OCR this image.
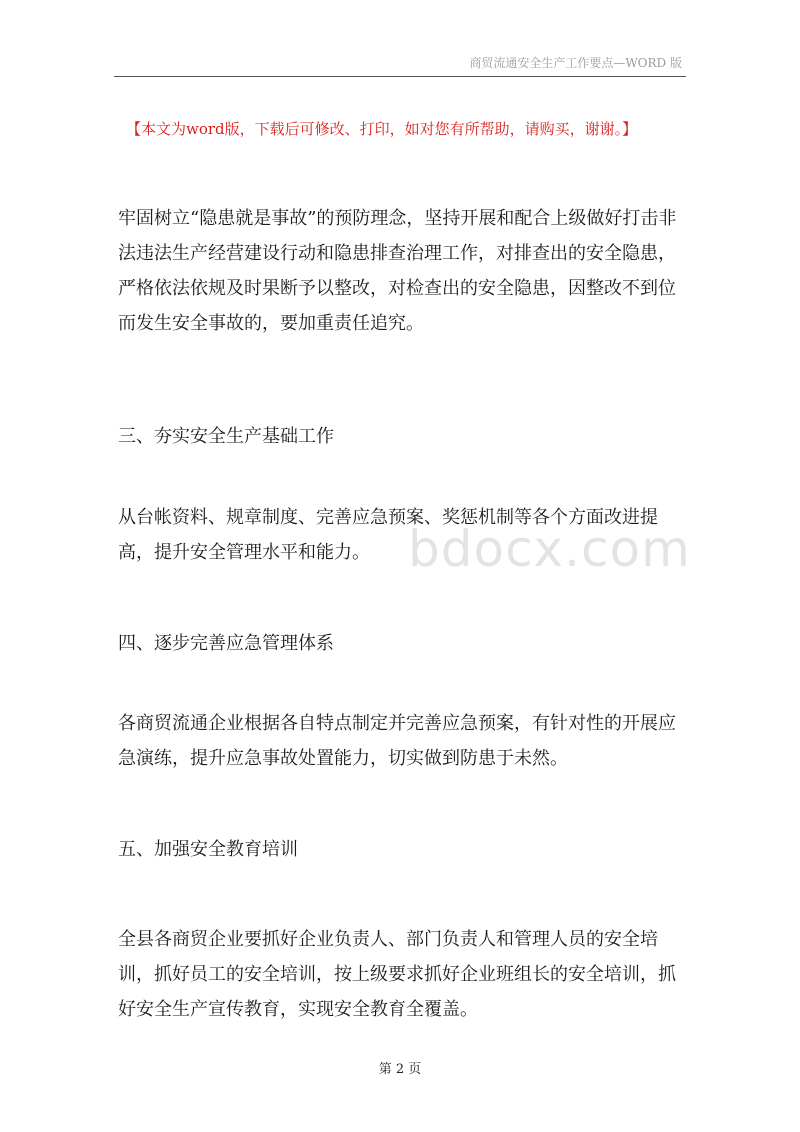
商贸流通安全生产工作要点—WORD 版
【本文为word版，下载后可修改、打印，如对您有所帮助，请购买，谢谢。】

牢固树立“隐患就是事故”的预防理念，坚持开展和配合上级做好打击非法违法生产经营建设行动和隐患排查治理工作，对排查出的安全隐患，严格依法依规及时果断予以整改，对检查出的安全隐患，因整改不到位而发生安全事故的，要加重责任追究。

三、夯实安全生产基础工作

从台帐资料、规章制度、完善应急预案、奖惩机制等各个方面改进提高，提升安全管理水平和能力。

四、逐步完善应急管理体系

各商贸流通企业根据各自特点制定并完善应急预案，有针对性的开展应急演练，提升应急事故处置能力，切实做到防患于未然。

五、加强安全教育培训

全县各商贸企业要抓好企业负责人、部门负责人和管理人员的安全培训，抓好员工的安全培训，按上级要求抓好企业班组长的安全培训，抓好安全生产宣传教育，实现安全教育全覆盖。

bdocx.com
第 2 页
